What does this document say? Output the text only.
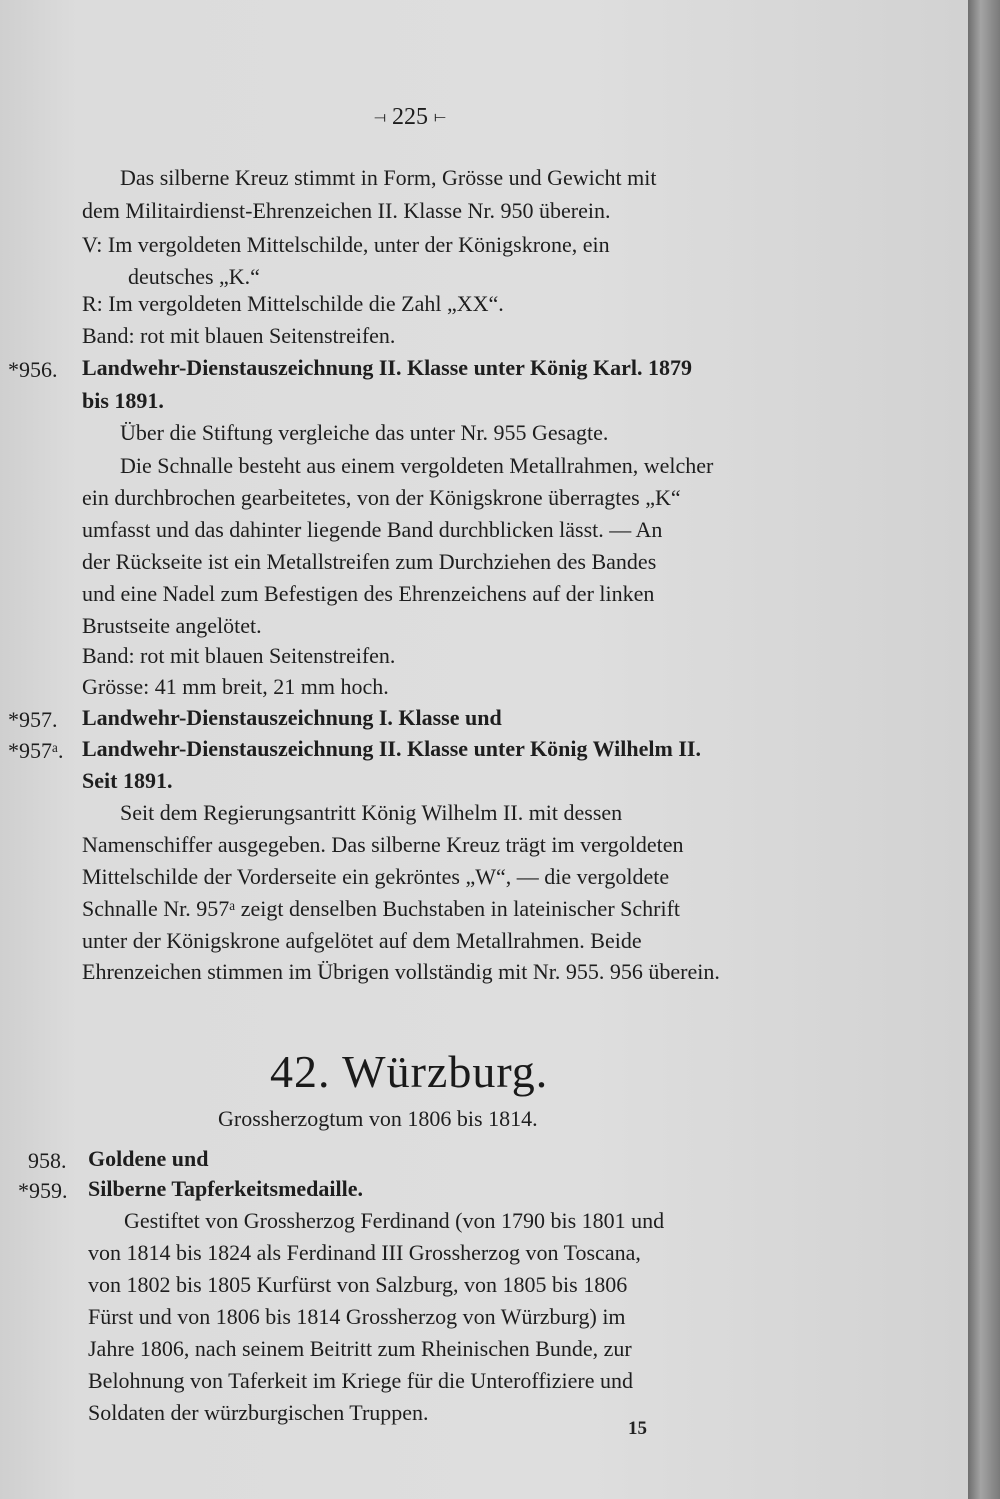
⟞ 225 ⟝
Das silberne Kreuz stimmt in Form, Grösse und Gewicht mit
dem Militairdienst-Ehrenzeichen II. Klasse Nr. 950 überein.
V: Im vergoldeten Mittelschilde, unter der Königskrone, ein
deutsches „K.“
R: Im vergoldeten Mittelschilde die Zahl „XX“.
Band: rot mit blauen Seitenstreifen.
*956. Landwehr-Dienstauszeichnung II. Klasse unter König Karl. 1879
bis 1891.
Über die Stiftung vergleiche das unter Nr. 955 Gesagte.
Die Schnalle besteht aus einem vergoldeten Metallrahmen, welcher
ein durchbrochen gearbeitetes, von der Königskrone überragtes „K“
umfasst und das dahinter liegende Band durchblicken lässt. — An
der Rückseite ist ein Metallstreifen zum Durchziehen des Bandes
und eine Nadel zum Befestigen des Ehrenzeichens auf der linken
Brustseite angelötet.
Band: rot mit blauen Seitenstreifen.
Grösse: 41 mm breit, 21 mm hoch.
*957. Landwehr-Dienstauszeichnung I. Klasse und
*957ᵃ. Landwehr-Dienstauszeichnung II. Klasse unter König Wilhelm II.
Seit 1891.
Seit dem Regierungsantritt König Wilhelm II. mit dessen
Namenschiffer ausgegeben. Das silberne Kreuz trägt im vergoldeten
Mittelschilde der Vorderseite ein gekröntes „W“, — die vergoldete
Schnalle Nr. 957ᵃ zeigt denselben Buchstaben in lateinischer Schrift
unter der Königskrone aufgelötet auf dem Metallrahmen. Beide
Ehrenzeichen stimmen im Übrigen vollständig mit Nr. 955. 956 überein.
42. Würzburg.
Grossherzogtum von 1806 bis 1814.
958. Goldene und
*959. Silberne Tapferkeitsmedaille.
Gestiftet von Grossherzog Ferdinand (von 1790 bis 1801 und
von 1814 bis 1824 als Ferdinand III Grossherzog von Toscana,
von 1802 bis 1805 Kurfürst von Salzburg, von 1805 bis 1806
Fürst und von 1806 bis 1814 Grossherzog von Würzburg) im
Jahre 1806, nach seinem Beitritt zum Rheinischen Bunde, zur
Belohnung von Taferkeit im Kriege für die Unteroffiziere und
Soldaten der würzburgischen Truppen.
15
